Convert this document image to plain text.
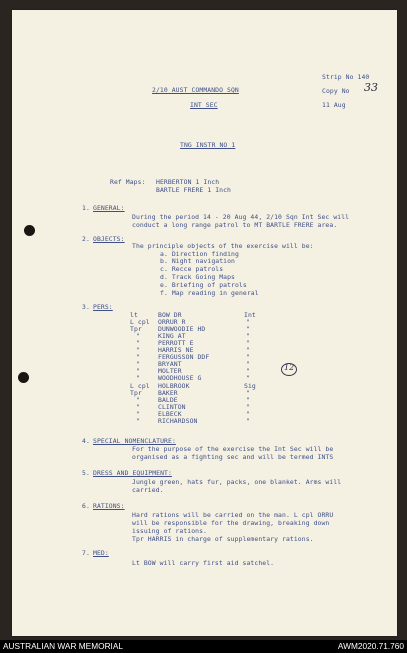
2/10 AUST COMMANDO SQN
INT SEC
Strip No 140
Copy No 33
11 Aug
TNG INSTR NO 1
Ref Maps: HERBERTON 1 Inch
BARTLE FRERE 1 Inch
1. GENERAL:
During the period 14 - 20 Aug 44, 2/10 Sqn Int Sec will
conduct a long range patrol to MT BARTLE FRERE area.
2. OBJECTS:
The principle objects of the exercise will be:
a. Direction finding
b. Night navigation
c. Recce patrols
d. Track Going Maps
e. Briefing of patrols
f. Map reading in general
3. PERS:
lt	BOW DR	Int
L cpl ORRUR R	"
Tpr	DUNWOODIE HD	"
"	KING AT	"
"	PERROTT E	"
"	HARRIS NE	"
"	FERGUSSON DDF	"
"	BRYANT	"
"	MOLTER	"
"	WOODHOUSE G	"
L cpl HOLBROOK	Sig
Tpr	BAKER	"
"	BALDE	"
"	CLINTON	"
"	ELBECK	"
"	RICHARDSON	"
12
4. SPECIAL NOMENCLATURE:
For the purpose of the exercise the Int Sec will be
organised as a fighting sec and will be termed INTS
5. DRESS AND EQUIPMENT:
Jungle green, hats fur, packs, one blanket. Arms will
carried.
6. RATIONS:
Hard rations will be carried on the man. L cpl ORRU
will be responsible for the drawing, breaking down
issuing of rations.
Tpr HARRIS in charge of supplementary rations.
7. MED:
Lt BOW will carry first aid satchel.
AUSTRALIAN WAR MEMORIAL	AWM2020.71.760
